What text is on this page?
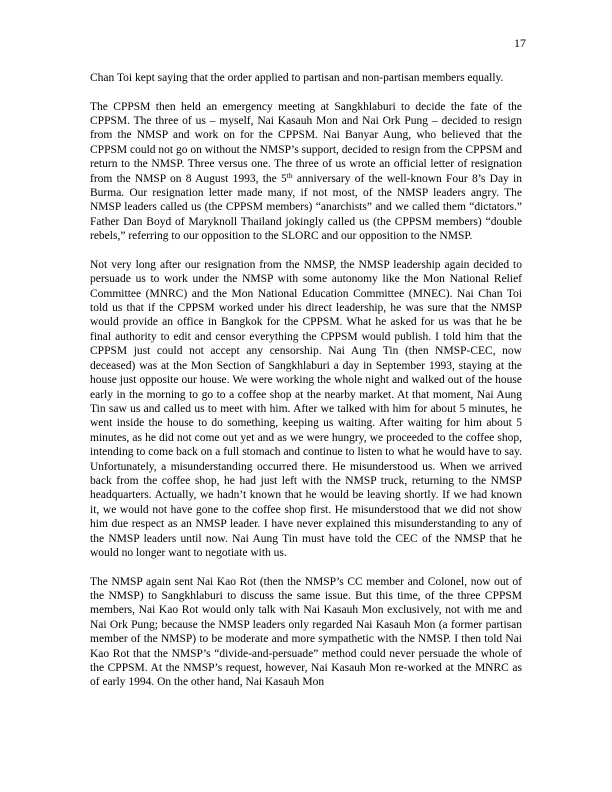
17

Chan Toi kept saying that the order applied to partisan and non-partisan members equally.

The CPPSM then held an emergency meeting at Sangkhlaburi to decide the fate of the CPPSM. The three of us – myself, Nai Kasauh Mon and Nai Ork Pung – decided to resign from the NMSP and work on for the CPPSM. Nai Banyar Aung, who believed that the CPPSM could not go on without the NMSP’s support, decided to resign from the CPPSM and return to the NMSP. Three versus one. The three of us wrote an official letter of resignation from the NMSP on 8 August 1993, the 5th anniversary of the well-known Four 8’s Day in Burma. Our resignation letter made many, if not most, of the NMSP leaders angry. The NMSP leaders called us (the CPPSM members) “anarchists” and we called them “dictators.” Father Dan Boyd of Maryknoll Thailand jokingly called us (the CPPSM members) “double rebels,” referring to our opposition to the SLORC and our opposition to the NMSP.

Not very long after our resignation from the NMSP, the NMSP leadership again decided to persuade us to work under the NMSP with some autonomy like the Mon National Relief Committee (MNRC) and the Mon National Education Committee (MNEC). Nai Chan Toi told us that if the CPPSM worked under his direct leadership, he was sure that the NMSP would provide an office in Bangkok for the CPPSM. What he asked for us was that he be final authority to edit and censor everything the CPPSM would publish. I told him that the CPPSM just could not accept any censorship. Nai Aung Tin (then NMSP-CEC, now deceased) was at the Mon Section of Sangkhlaburi a day in September 1993, staying at the house just opposite our house. We were working the whole night and walked out of the house early in the morning to go to a coffee shop at the nearby market. At that moment, Nai Aung Tin saw us and called us to meet with him. After we talked with him for about 5 minutes, he went inside the house to do something, keeping us waiting. After waiting for him about 5 minutes, as he did not come out yet and as we were hungry, we proceeded to the coffee shop, intending to come back on a full stomach and continue to listen to what he would have to say. Unfortunately, a misunderstanding occurred there. He misunderstood us. When we arrived back from the coffee shop, he had just left with the NMSP truck, returning to the NMSP headquarters. Actually, we hadn’t known that he would be leaving shortly. If we had known it, we would not have gone to the coffee shop first. He misunderstood that we did not show him due respect as an NMSP leader. I have never explained this misunderstanding to any of the NMSP leaders until now. Nai Aung Tin must have told the CEC of the NMSP that he would no longer want to negotiate with us.

The NMSP again sent Nai Kao Rot (then the NMSP’s CC member and Colonel, now out of the NMSP) to Sangkhlaburi to discuss the same issue. But this time, of the three CPPSM members, Nai Kao Rot would only talk with Nai Kasauh Mon exclusively, not with me and Nai Ork Pung; because the NMSP leaders only regarded Nai Kasauh Mon (a former partisan member of the NMSP) to be moderate and more sympathetic with the NMSP. I then told Nai Kao Rot that the NMSP’s “divide-and-persuade” method could never persuade the whole of the CPPSM. At the NMSP’s request, however, Nai Kasauh Mon re-worked at the MNRC as of early 1994. On the other hand, Nai Kasauh Mon
